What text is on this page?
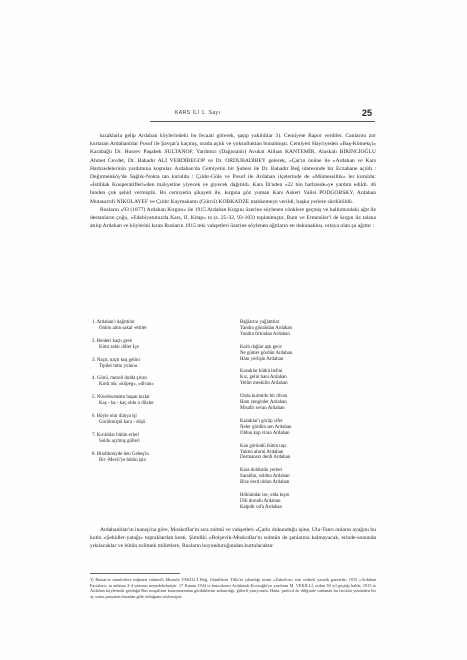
KARS İLİ 1. Sayı	25

kızaklarla gelip Ardahan köylerindeki bu fecaati görerek, şaşıp yakıldılar 3). Cemiyete Rapor verdiler. Canlarını zor kurtaran Ardahanlılar Posof ile Şavşat'a kaçmış, orada açlık ve yoksulluktan bunalmıştı. Cemiyeti Hayriyeden «Baş-Kömekçi» Karabağlı Dr. Husrev Paşabek SULTANOF, Yardımcı (Dağıstanlı) Avukat Alihan KANTEMİR, Alaskalı BİRİNCİOĞLU Ahmet Cevdet, Dr. Bahadır ALİ VERDİBEGOP ve Dr. ORDUBADİBEY gelerek, «Çar'ın önüne ile «Ardahan ve Kars Harbzedelerinin yardımına koştular. Ardahan'da Cemiyetin bir Şubesi ile Dr. Bahadır Beğ idaresinde bir Eczahane açıldı : Değirmenköy'de Sağlık-Nokta tan kuruldu : Çıldır-Göle ve Posof ile Ardahan ilçelerinde de «Mümessillik» ler kuruldu: «İstihlak Kooperatifleri»den malıyetine yiyecek ve giyecek dağıtıldı. Kars İli'nden «22 bin harbzede»ye yardım edildi. 46 binden çok şehid vermiştik. Bu cemiyetin şikayeti ile, kırgına göz yuman Kars Askeri Valisi PODGORSKY, Ardahan Mutasarrıfı NİKOLAYEF ve Çıldır Kaymakamı (Gürcü) KOBKADZE mahkemeye verildi, başka yerlere sürdürüldü.

Rusların «93 (1877) Ardahan Kırgını» ile 1915 Ardahan Kırgını üzerine söylenen cönklere geçmiş ve halkımızdaki ağıt ile destanların çoğu, «Edebiyatımızda Kars, II. Kitap» ta (s. 25-32, 93-103) toplanmıştır, Rum ve Ermeniler'i de kırgın ile talana atılıp Ardahan ve köylerini kıran Rusların 1915 teki vahşetleri üzerine söylenen ağıtların en dokunaklısı, ortaya olan şu ağıttır :

1. Ardahan'ı dağıttılar
Onbin altın sakal -ettiler
2. Benleri kaçtı gece
Kimi zehir diller İçe
3. Naçtı, naçtı kuş gelini
Tipiler tuttu yolunu
4. Gönü, mezeli dolda şivan
Kırdı nüc «köpeg», «divan»
5. Nüvehwenden başan kızlar
Kaç - ha - kaç oldu o diizler
6. Böyle olur dünya işi
Görülmüştü kara - döşü
7. Kırıldılar bütün erleri
Soldu açılmış gülleri
8. Bindikmiyde ben Gebeş'in
Bir -Mevli'ye bütün işin
Bağlarını yağlattılar
Yandın gönahdan Ardahan
Yandın fırtından Ardahan
Karlı dağlar aştı gece
Ne günler gördün Ardahan
Hanı yerlişin Ardahan
Kazaklar bütkü belini
Kız, gelin hani Ardahan
Yetim meskilin Ardahan
Onda kurtuldu bir divan
Hanı zenginler Ardahan
Misafir sevan Ardahan
Kazaklar'ı görüp cifer
Neler gördün sen Ardahan
Oldun kap viran Ardahan
Kan göründü bütün taşı
Yaktın ahırni Ardahan
Dermansız derdi Ardahan
Kara doldurdu yerleri
Saraldın, soldun Ardahan
Bize dord oldun Ardahan
Hökümdar ise, olda kışın
Dili durudu Ardahan
Kalpdir od'a Ardahan

Ardahanlılar'ın inanışı'na göre, Moskoflar'ın sıra zulmü ve vahşetleri «Çarkı dokunduğu işine, Ulu-Tanrı onların ayağını bu kutlu «Şehidler-yatağı» topraklardan kesti. Şimdiki «Bolşevik-Moskoflar'ın sulmün de şanlarına kalmayacak, erinde-sonunda yıkılacaklar ve bütün ezilmek milletlere, Rusların boyunduruğundan kurtulacaktır.

3) Rusiar'ın sanatlırlere neğmen vahmetli Mustafa VEKİLLİ Beğ, Gönüllerin Tiflis'te çıkardığı resmi «Zaketfon» sini celtkeli yaratık gazetede, 1915 «Ardahan Faciaları» nı anlatan 3-4 yazısını neşredebilmiştir. 17 Kanun 1944 te hatıralarını Ardahanlı Kocaoğlu'ya yazdıran M. VEKİLLİ, ordan 30 yıl geçtiği halde, 1915 te Ardahan köylerinde gördüğü Rus muşaliimi katırmtarından gördüklerini anlatırdığı, ğitlerli yazıyorum. Hatta, şanlıcıl de diliğinde canlanan bu facialar yüzünden bir ay sonra pasyaten buradan göle olduğunu söylemiştir.
